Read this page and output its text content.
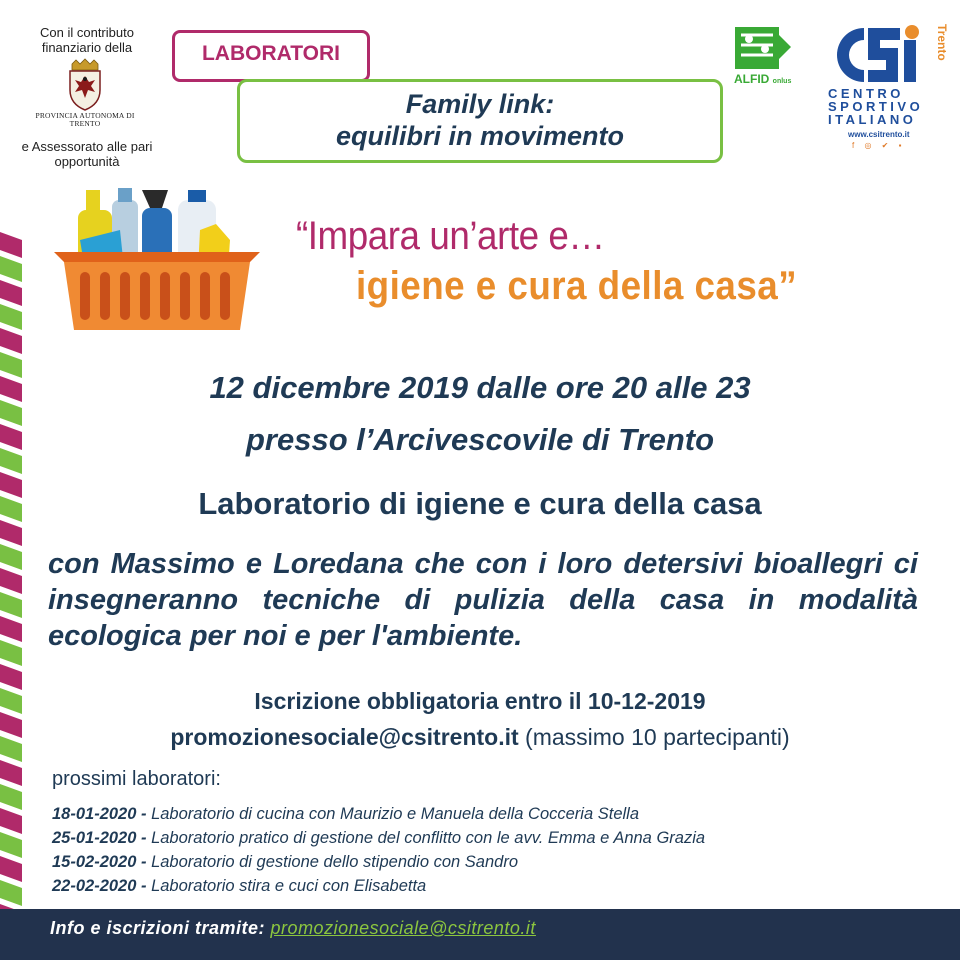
Con il contributo finanziario della
PROVINCIA AUTONOMA DI TRENTO
e Assessorato alle pari opportunità
LABORATORI
Family link:
equilibri in movimento
ALFID onlus
Trento
CENTRO
SPORTIVO
ITALIANO
www.csitrento.it
f ◎ ✔ ▪
“Impara un’arte e…
igiene e cura della casa”
12 dicembre 2019 dalle ore 20 alle 23
presso l’Arcivescovile di Trento
Laboratorio di igiene e cura della casa
con Massimo e Loredana che con i loro detersivi bioallegri ci insegneranno tecniche di pulizia della casa in modalità ecologica per noi e per l'ambiente.
Iscrizione obbligatoria entro il 10-12-2019
promozionesociale@csitrento.it (massimo 10 partecipanti)
prossimi laboratori:
18-01-2020 - Laboratorio di cucina con Maurizio e Manuela della Cocceria Stella
25-01-2020 - Laboratorio pratico di gestione del conflitto con le avv. Emma e Anna Grazia
15-02-2020 - Laboratorio di gestione dello stipendio con Sandro
22-02-2020 - Laboratorio stira e cuci con Elisabetta
Info e iscrizioni tramite: promozionesociale@csitrento.it
